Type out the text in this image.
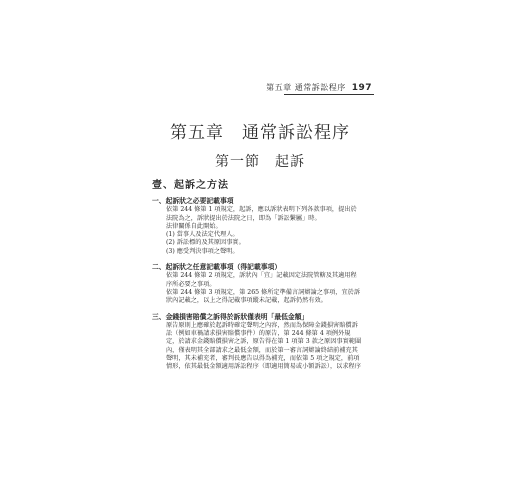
第五章 通常訴訟程序 197
第五章　通常訴訟程序
第一節　起訴
壹、起訴之方法
一、起訴狀之必要記載事項
依第 244 條第 1 項規定，起訴，應以訴狀表明下列各款事項，提出於法院為之，訴狀提出於法院之日，即為「訴訟繫屬」時。
法律關係自此開始。
(1) 當事人及法定代理人。
(2) 訴訟標的及其原因事實。
(3) 應受判決事項之聲明。
二、起訴狀之任意記載事項（得記載事項）
依第 244 條第 2 項規定，訴狀內「宜」記載因定法院管轄及其適用程序所必要之事項。
依第 244 條第 3 項規定，第 265 條所定準備言詞辯論之事項，宜於訴狀內記載之，以上之得記載事項縱未記載，起訴仍然有效。
三、金錢損害賠償之訴得於訴狀僅表明「最低金額」
原告原則上應確於起訴時確定聲明之內容，然而為保障金錢損害賠償訴訟（例如車禍請求損害賠償事件）的原告，第 244 條第 4 項例外規定，於請求金錢賠償損害之訴，原告得在第 1 項第 3 款之原因事實範圍內，僅表明其全部請求之最低金額，而於第一審言詞辯論終結前補充其聲明，其未補充者，審判長應告以得為補充，而依第 5 項之規定，前項情形，依其最低金額適用訴訟程序（即適用簡易或小額訴訟），以求程序
